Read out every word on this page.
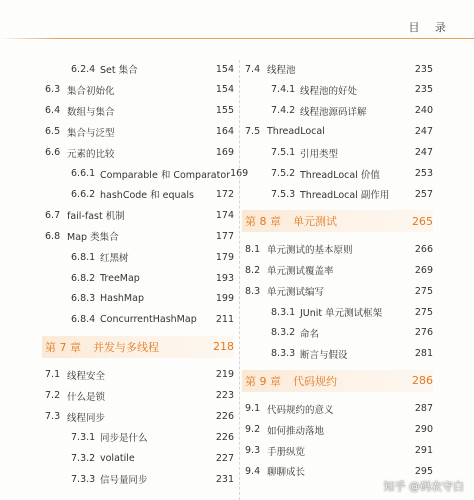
目 录
6.2.4 Set 集合	154
6.3 集合初始化	154
6.4 数组与集合	155
6.5 集合与泛型	164
6.6 元素的比较	169
6.6.1 Comparable 和 Comparator 169
6.6.2 hashCode 和 equals	172
6.7 fail-fast 机制	174
6.8 Map 类集合	177
6.8.1 红黑树	179
6.8.2 TreeMap	193
6.8.3 HashMap	199
6.8.4 ConcurrentHashMap	211
第 7 章	并发与多线程	218
7.1 线程安全	219
7.2 什么是锁	223
7.3 线程同步	226
7.3.1 同步是什么	226
7.3.2 volatile	227
7.3.3 信号量同步	231
7.4 线程池	235
7.4.1 线程池的好处	235
7.4.2 线程池源码详解	240
7.5 ThreadLocal	247
7.5.1 引用类型	247
7.5.2 ThreadLocal 价值	253
7.5.3 ThreadLocal 副作用	257
第 8 章	单元测试	265
8.1 单元测试的基本原则	266
8.2 单元测试覆盖率	269
8.3 单元测试编写	275
8.3.1 JUnit 单元测试框架	275
8.3.2 命名	276
8.3.3 断言与假设	281
第 9 章	代码规约	286
9.1 代码规约的意义	287
9.2 如何推动落地	290
9.3 手册纵览	291
9.4 聊聊成长	295
知乎 @码农守白
